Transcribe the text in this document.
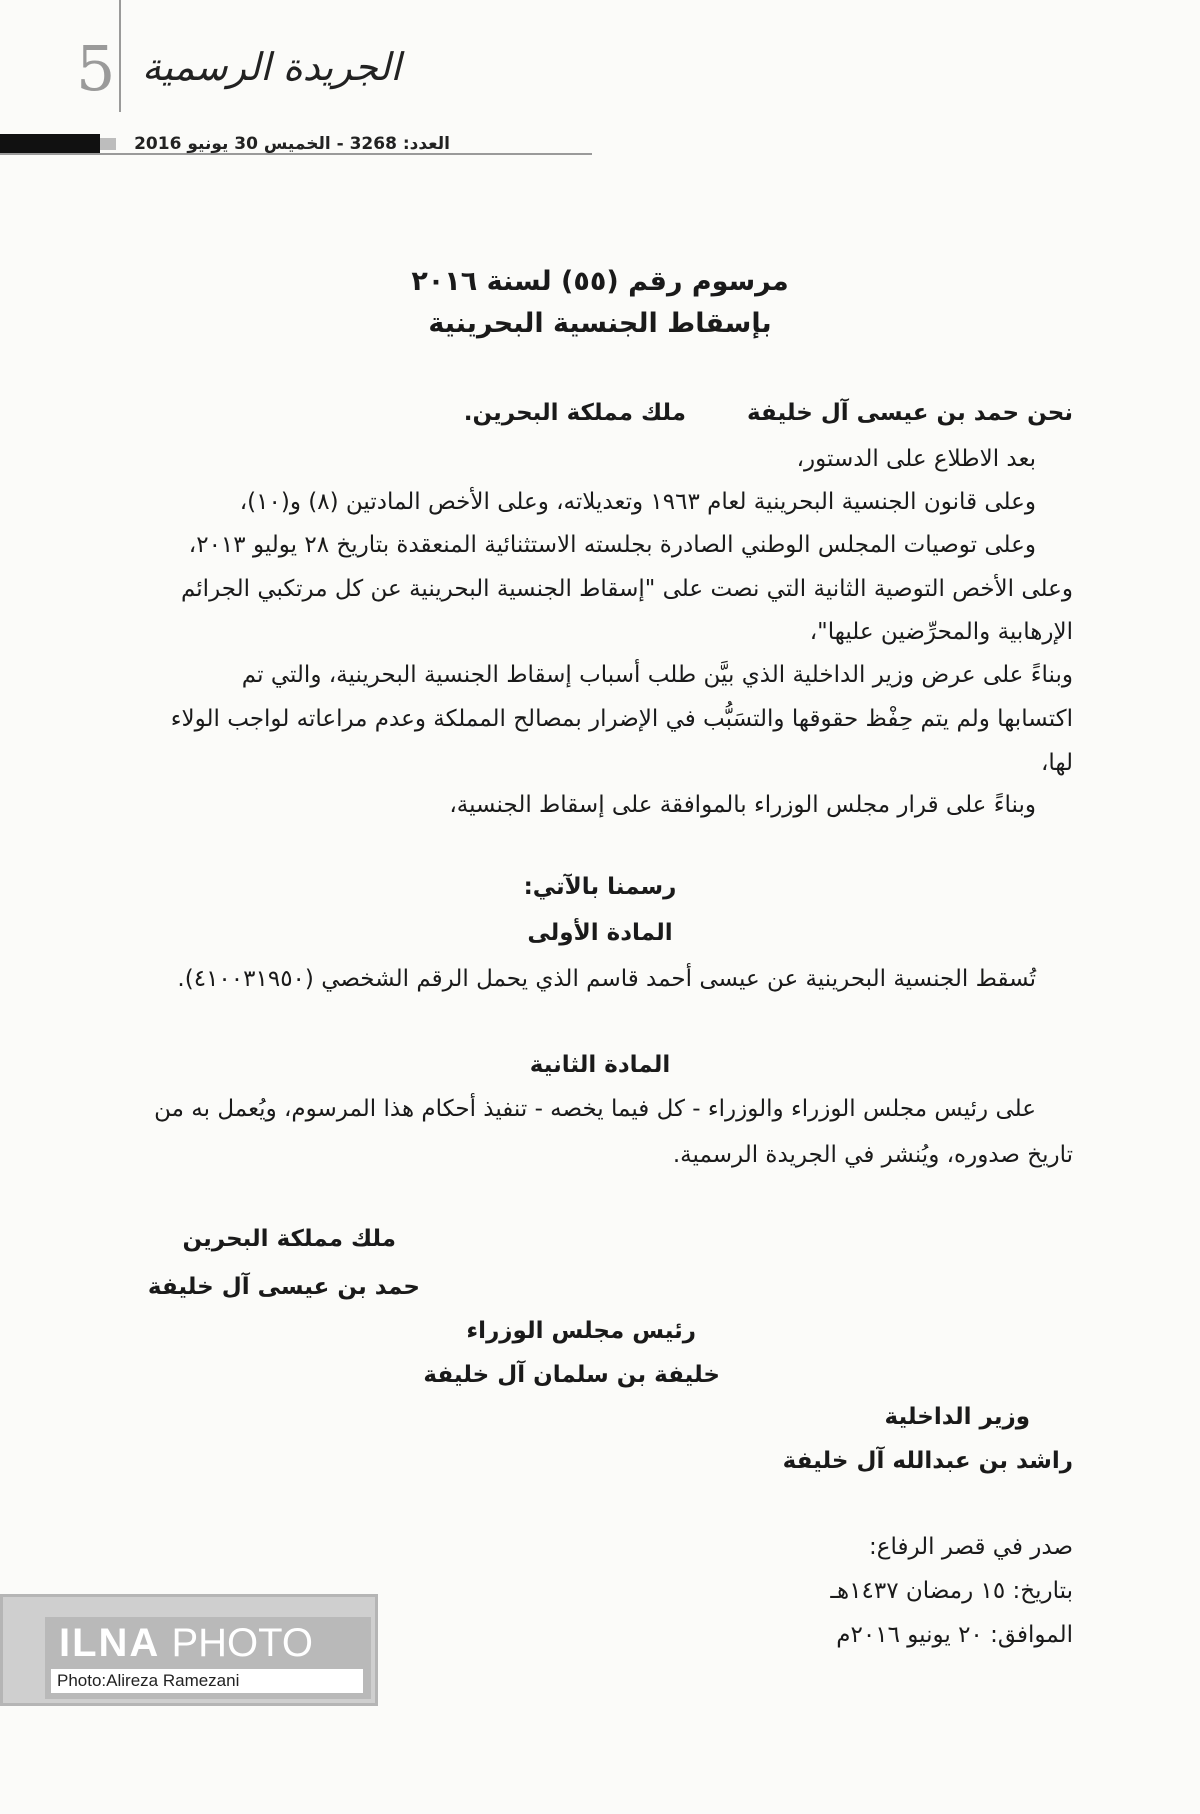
5 الجريدة الرسمية
العدد: 3268 - الخميس 30 يونيو 2016
مرسوم رقم (٥٥) لسنة ٢٠١٦
بإسقاط الجنسية البحرينية
نحن حمد بن عيسى آل خليفة
ملك مملكة البحرين.
بعد الاطلاع على الدستور،
وعلى قانون الجنسية البحرينية لعام ١٩٦٣ وتعديلاته، وعلى الأخص المادتين (٨) و(١٠)،
وعلى توصيات المجلس الوطني الصادرة بجلسته الاستثنائية المنعقدة بتاريخ ٢٨ يوليو ٢٠١٣،
وعلى الأخص التوصية الثانية التي نصت على "إسقاط الجنسية البحرينية عن كل مرتكبي الجرائم
الإرهابية والمحرِّضين عليها"،
وبناءً على عرض وزير الداخلية الذي بيَّن طلب أسباب إسقاط الجنسية البحرينية، والتي تم
اكتسابها ولم يتم حِفْظ حقوقها والتسَبُّب في الإضرار بمصالح المملكة وعدم مراعاته لواجب الولاء
لها،
وبناءً على قرار مجلس الوزراء بالموافقة على إسقاط الجنسية،
رسمنا بالآتي:
المادة الأولى
تُسقط الجنسية البحرينية عن عيسى أحمد قاسم الذي يحمل الرقم الشخصي (٤١٠٠٣١٩٥٠).
المادة الثانية
على رئيس مجلس الوزراء والوزراء - كل فيما يخصه - تنفيذ أحكام هذا المرسوم، ويُعمل به من
تاريخ صدوره، ويُنشر في الجريدة الرسمية.
ملك مملكة البحرين
حمد بن عيسى آل خليفة
رئيس مجلس الوزراء
خليفة بن سلمان آل خليفة
وزير الداخلية
راشد بن عبدالله آل خليفة
صدر في قصر الرفاع:
بتاريخ: ١٥ رمضان ١٤٣٧هـ
الموافق: ٢٠ يونيو ٢٠١٦م
ILNA PHOTO
Photo:Alireza Ramezani
